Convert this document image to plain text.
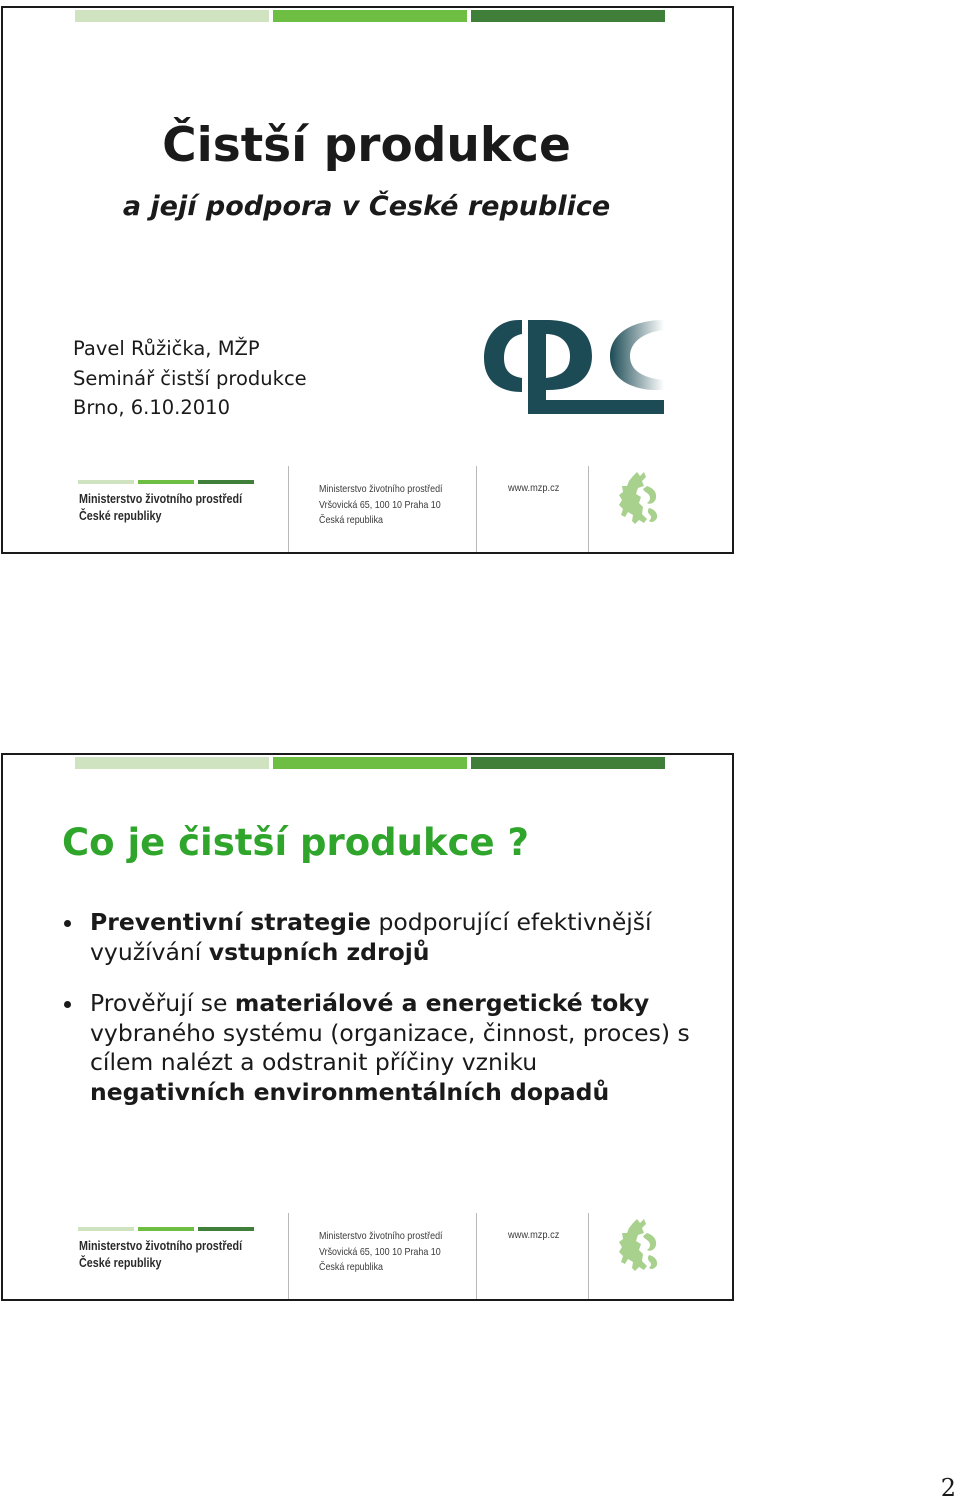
Ministerstvo životního prostředí
České republiky
Ministerstvo životního prostředí
Vršovická 65, 100 10 Praha 10
Česká republika
www.mzp.cz
Čistší produkce
a její podpora v České republice
Pavel Růžička, MŽP
Seminář čistší produkce
Brno, 6.10.2010
Ministerstvo životního prostředí
České republiky
Ministerstvo životního prostředí
Vršovická 65, 100 10 Praha 10
Česká republika
www.mzp.cz
Co je čistší produkce ?
Preventivní strategie podporující efektivnější využívání vstupních zdrojů
Prověřují se materiálové a energetické toky vybraného systému (organizace, činnost, proces) s cílem nalézt a odstranit příčiny vzniku negativních environmentálních dopadů
2
